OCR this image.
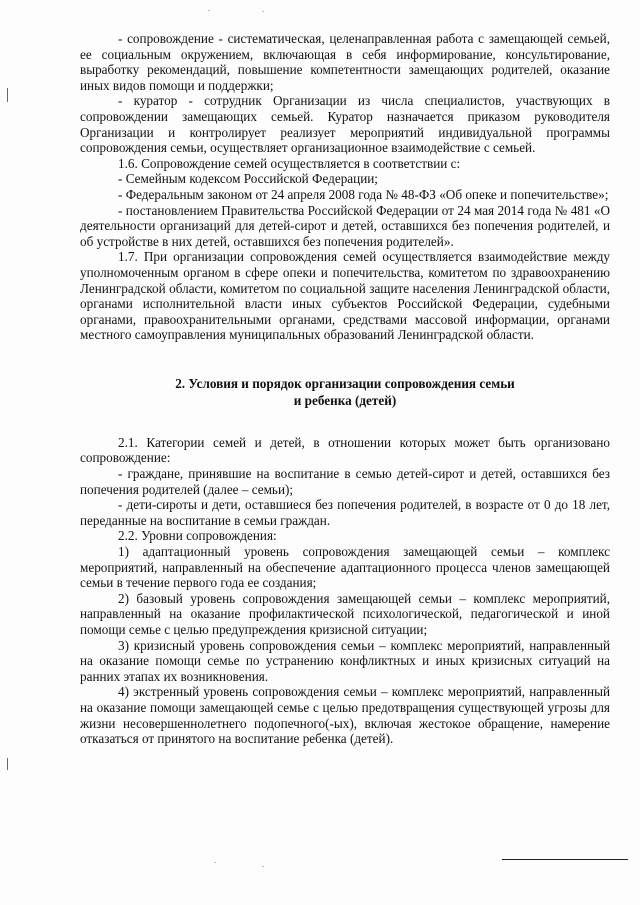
- сопровождение - систематическая, целенаправленная работа с замещающей семьей, ее социальным окружением, включающая в себя информирование, консультирование, выработку рекомендаций, повышение компетентности замещающих родителей, оказание иных видов помощи и поддержки;

- куратор - сотрудник Организации из числа специалистов, участвующих в сопровождении замещающих семьей. Куратор назначается приказом руководителя Организации и контролирует реализует мероприятий индивидуальной программы сопровождения семьи, осуществляет организационное взаимодействие с семьей.

1.6. Сопровождение семей осуществляется в соответствии с:

- Семейным кодексом Российской Федерации;

- Федеральным законом от 24 апреля 2008 года № 48-ФЗ «Об опеке и попечительстве»;

- постановлением Правительства Российской Федерации от 24 мая 2014 года № 481 «О деятельности организаций для детей-сирот и детей, оставшихся без попечения родителей, и об устройстве в них детей, оставшихся без попечения родителей».

1.7. При организации сопровождения семей осуществляется взаимодействие между уполномоченным органом в сфере опеки и попечительства, комитетом по здравоохранению Ленинградской области, комитетом по социальной защите населения Ленинградской области, органами исполнительной власти иных субъектов Российской Федерации, судебными органами, правоохранительными органами, средствами массовой информации, органами местного самоуправления муниципальных образований Ленинградской области.

2. Условия и порядок организации сопровождения семьи
и ребенка (детей)

2.1. Категории семей и детей, в отношении которых может быть организовано сопровождение:

- граждане, принявшие на воспитание в семью детей-сирот и детей, оставшихся без попечения родителей (далее – семьи);

- дети-сироты и дети, оставшиеся без попечения родителей, в возрасте от 0 до 18 лет, переданные на воспитание в семьи граждан.

2.2. Уровни сопровождения:

1) адаптационный уровень сопровождения замещающей семьи – комплекс мероприятий, направленный на обеспечение адаптационного процесса членов замещающей семьи в течение первого года ее создания;

2) базовый уровень сопровождения замещающей семьи – комплекс мероприятий, направленный на оказание профилактической психологической, педагогической и иной помощи семье с целью предупреждения кризисной ситуации;

3) кризисный уровень сопровождения семьи – комплекс мероприятий, направленный на оказание помощи семье по устранению конфликтных и иных кризисных ситуаций на ранних этапах их возникновения.

4) экстренный уровень сопровождения семьи – комплекс мероприятий, направленный на оказание помощи замещающей семье с целью предотвращения существующей угрозы для жизни несовершеннолетнего подопечного(-ых), включая жестокое обращение, намерение отказаться от принятого на воспитание ребенка (детей).
